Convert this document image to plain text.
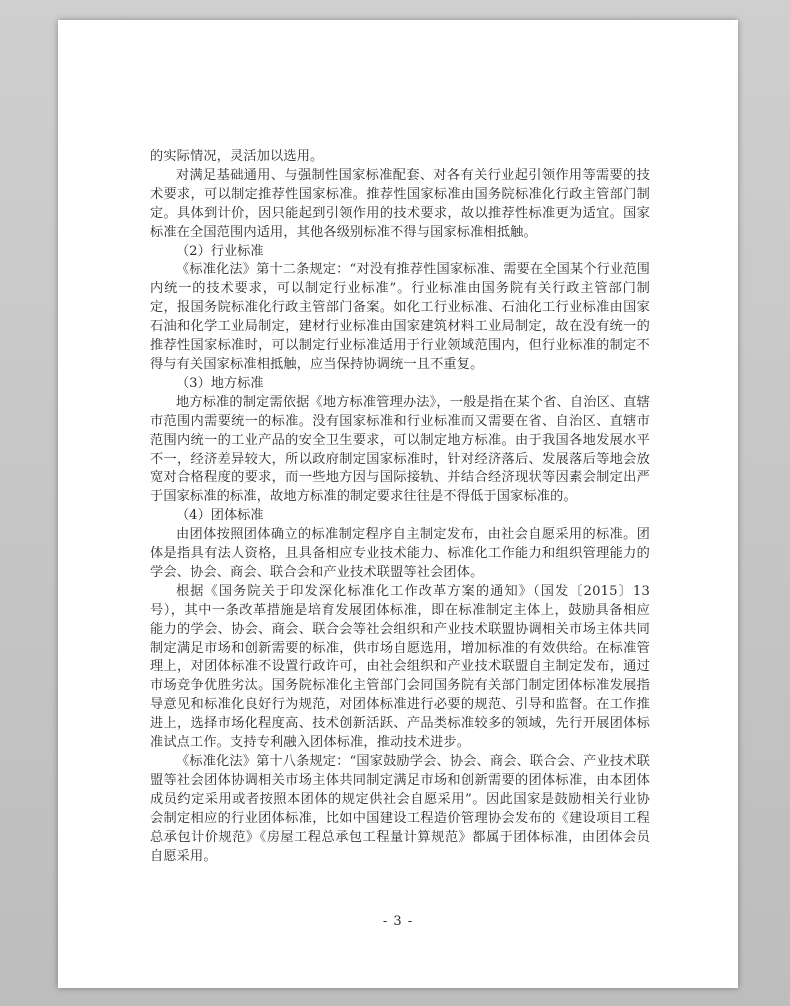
的实际情况，灵活加以选用。

对满足基础通用、与强制性国家标准配套、对各有关行业起引领作用等需要的技术要求，可以制定推荐性国家标准。推荐性国家标准由国务院标准化行政主管部门制定。具体到计价，因只能起到引领作用的技术要求，故以推荐性标准更为适宜。国家标准在全国范围内适用，其他各级别标准不得与国家标准相抵触。

（2）行业标准

《标准化法》第十二条规定：“对没有推荐性国家标准、需要在全国某个行业范围内统一的技术要求，可以制定行业标准”。行业标准由国务院有关行政主管部门制定，报国务院标准化行政主管部门备案。如化工行业标准、石油化工行业标准由国家石油和化学工业局制定，建材行业标准由国家建筑材料工业局制定，故在没有统一的推荐性国家标准时，可以制定行业标准适用于行业领域范围内，但行业标准的制定不得与有关国家标准相抵触，应当保持协调统一且不重复。

（3）地方标准

地方标准的制定需依据《地方标准管理办法》，一般是指在某个省、自治区、直辖市范围内需要统一的标准。没有国家标准和行业标准而又需要在省、自治区、直辖市范围内统一的工业产品的安全卫生要求，可以制定地方标准。由于我国各地发展水平不一，经济差异较大，所以政府制定国家标准时，针对经济落后、发展落后等地会放宽对合格程度的要求，而一些地方因与国际接轨、并结合经济现状等因素会制定出严于国家标准的标准，故地方标准的制定要求往往是不得低于国家标准的。

（4）团体标准

由团体按照团体确立的标准制定程序自主制定发布，由社会自愿采用的标准。团体是指具有法人资格，且具备相应专业技术能力、标准化工作能力和组织管理能力的学会、协会、商会、联合会和产业技术联盟等社会团体。

根据《国务院关于印发深化标准化工作改革方案的通知》（国发〔2015〕13号），其中一条改革措施是培育发展团体标准，即在标准制定主体上，鼓励具备相应能力的学会、协会、商会、联合会等社会组织和产业技术联盟协调相关市场主体共同制定满足市场和创新需要的标准，供市场自愿选用，增加标准的有效供给。在标准管理上，对团体标准不设置行政许可，由社会组织和产业技术联盟自主制定发布，通过市场竞争优胜劣汰。国务院标准化主管部门会同国务院有关部门制定团体标准发展指导意见和标准化良好行为规范，对团体标准进行必要的规范、引导和监督。在工作推进上，选择市场化程度高、技术创新活跃、产品类标准较多的领域，先行开展团体标准试点工作。支持专利融入团体标准，推动技术进步。

《标准化法》第十八条规定：“国家鼓励学会、协会、商会、联合会、产业技术联盟等社会团体协调相关市场主体共同制定满足市场和创新需要的团体标准，由本团体成员约定采用或者按照本团体的规定供社会自愿采用”。因此国家是鼓励相关行业协会制定相应的行业团体标准，比如中国建设工程造价管理协会发布的《建设项目工程总承包计价规范》《房屋工程总承包工程量计算规范》都属于团体标准，由团体会员自愿采用。

- 3 -
